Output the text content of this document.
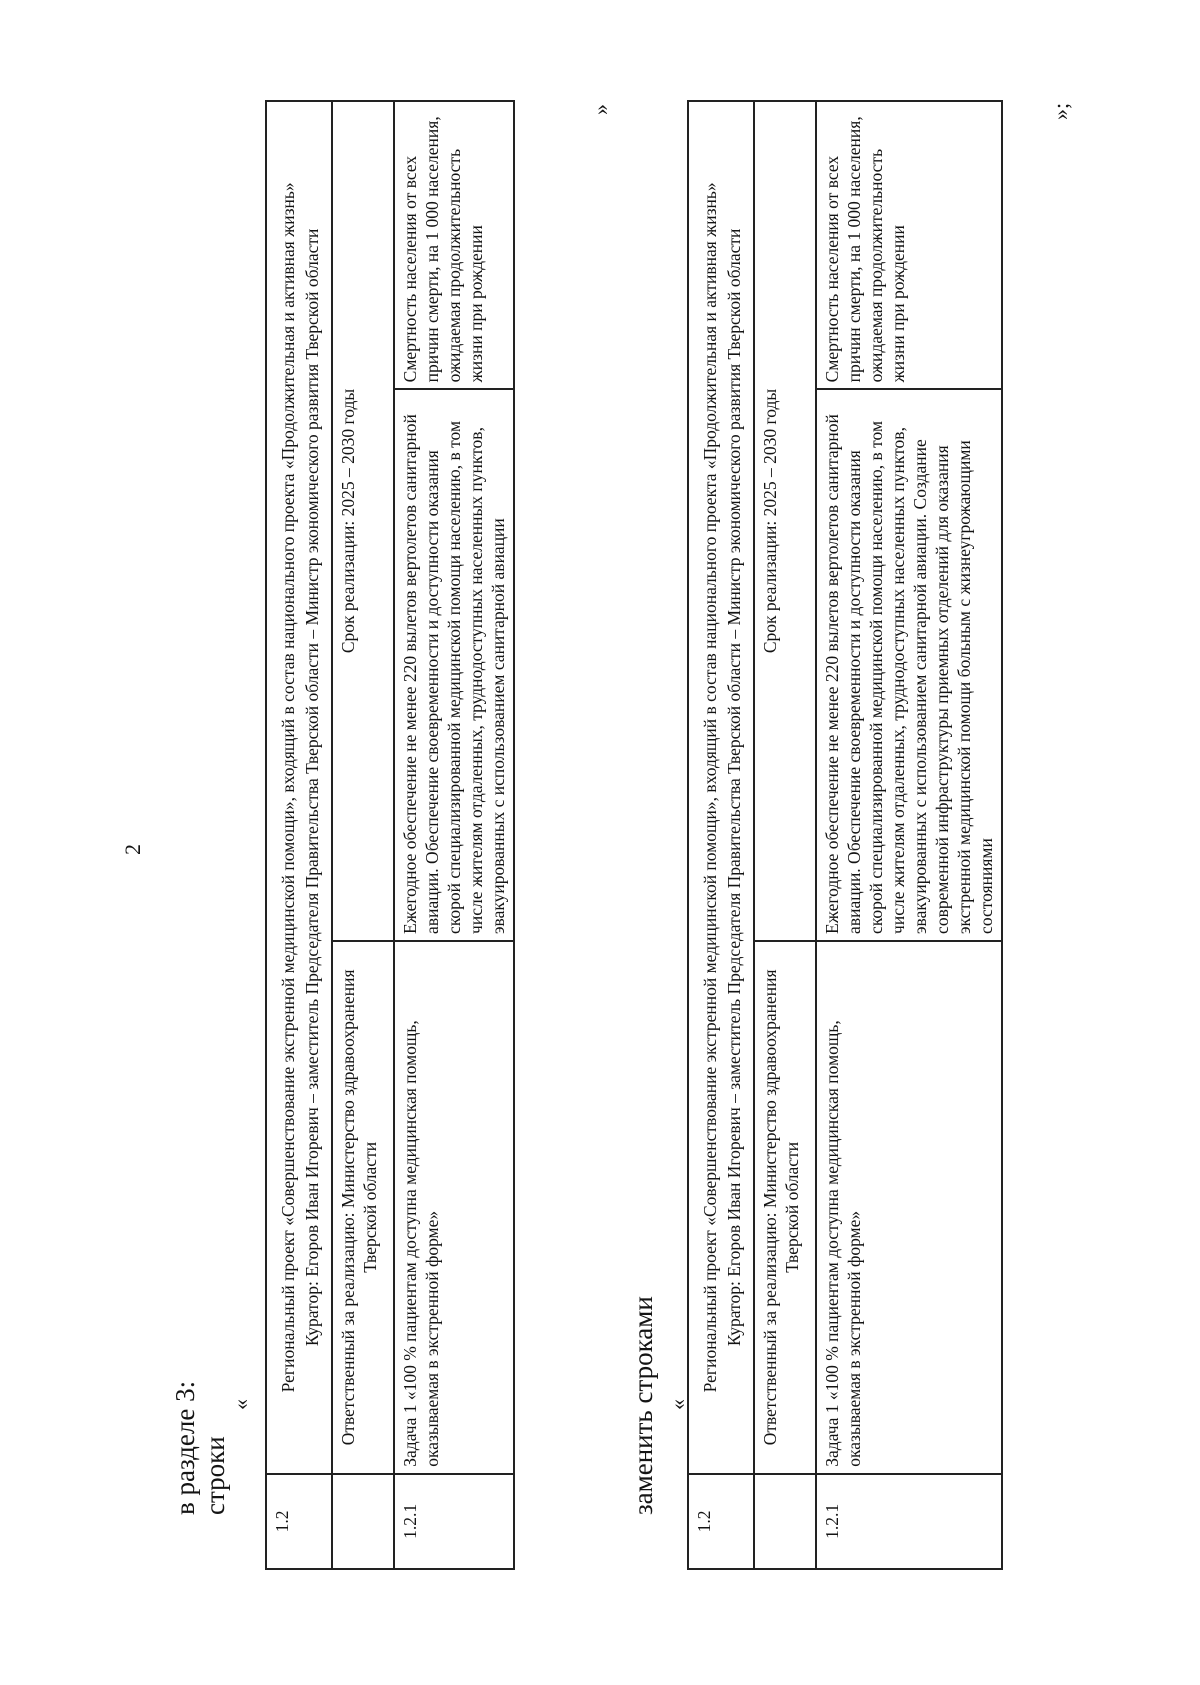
2
в разделе 3: строки
«
1.2	Региональный проект «Совершенствование экстренной медицинской помощи», входящий в состав национального проекта «Продолжительная и активная жизнь» Куратор: Егоров Иван Игоревич – заместитель Председателя Правительства Тверской области – Министр экономического развития Тверской области		

	Ответственный за реализацию: Министерство здравоохранения Тверской области	Срок реализации: 2025 – 2030 годы	
1.2.1	Задача 1 «100 % пациентам доступна медицинская помощь, оказываемая в экстренной форме»	Ежегодное обеспечение не менее 220 вылетов вертолетов санитарной авиации. Обеспечение своевременности и доступности оказания скорой специализированной медицинской помощи населению, в том числе жителям отдаленных, труднодоступных населенных пунктов, эвакуированных с использованием санитарной авиации	Смертность населения от всех причин смерти, на 1 000 населения, ожидаемая продолжительность жизни при рождении
»
заменить строками «
1.2	Региональный проект «Совершенствование экстренной медицинской помощи», входящий в состав национального проекта «Продолжительная и активная жизнь» Куратор: Егоров Иван Игоревич – заместитель Председателя Правительства Тверской области – Министр экономического развития Тверской области		

	Ответственный за реализацию: Министерство здравоохранения Тверской области	Срок реализации: 2025 – 2030 годы	
1.2.1	Задача 1 «100 % пациентам доступна медицинская помощь, оказываемая в экстренной форме»	Ежегодное обеспечение не менее 220 вылетов вертолетов санитарной авиации. Обеспечение своевременности и доступности оказания скорой специализированной медицинской помощи населению, в том числе жителям отдаленных, труднодоступных населенных пунктов, эвакуированных с использованием санитарной авиации. Создание современной инфраструктуры приемных отделений для оказания экстренной медицинской помощи больным с жизнеугрожающими состояниями	Смертность населения от всех причин смерти, на 1 000 населения, ожидаемая продолжительность жизни при рождении
»;
